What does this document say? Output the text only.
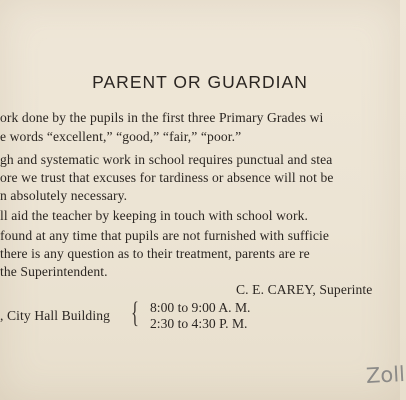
PARENT OR GUARDIAN
ork done by the pupils in the first three Primary Grades wi
e words “excellent,” “good,” “fair,” “poor.”
gh and systematic work in school requires punctual and stea
ore we trust that excuses for tardiness or absence will not be
n absolutely necessary.
ll aid the teacher by keeping in touch with school work.
found at any time that pupils are not furnished with sufficie
there is any question as to their treatment, parents are re
the Superintendent.
C. E. CAREY, Superinte
, City Hall Building { 8:00 to 9:00 A. M.
2:30 to 4:30 P. M.
Zoll
